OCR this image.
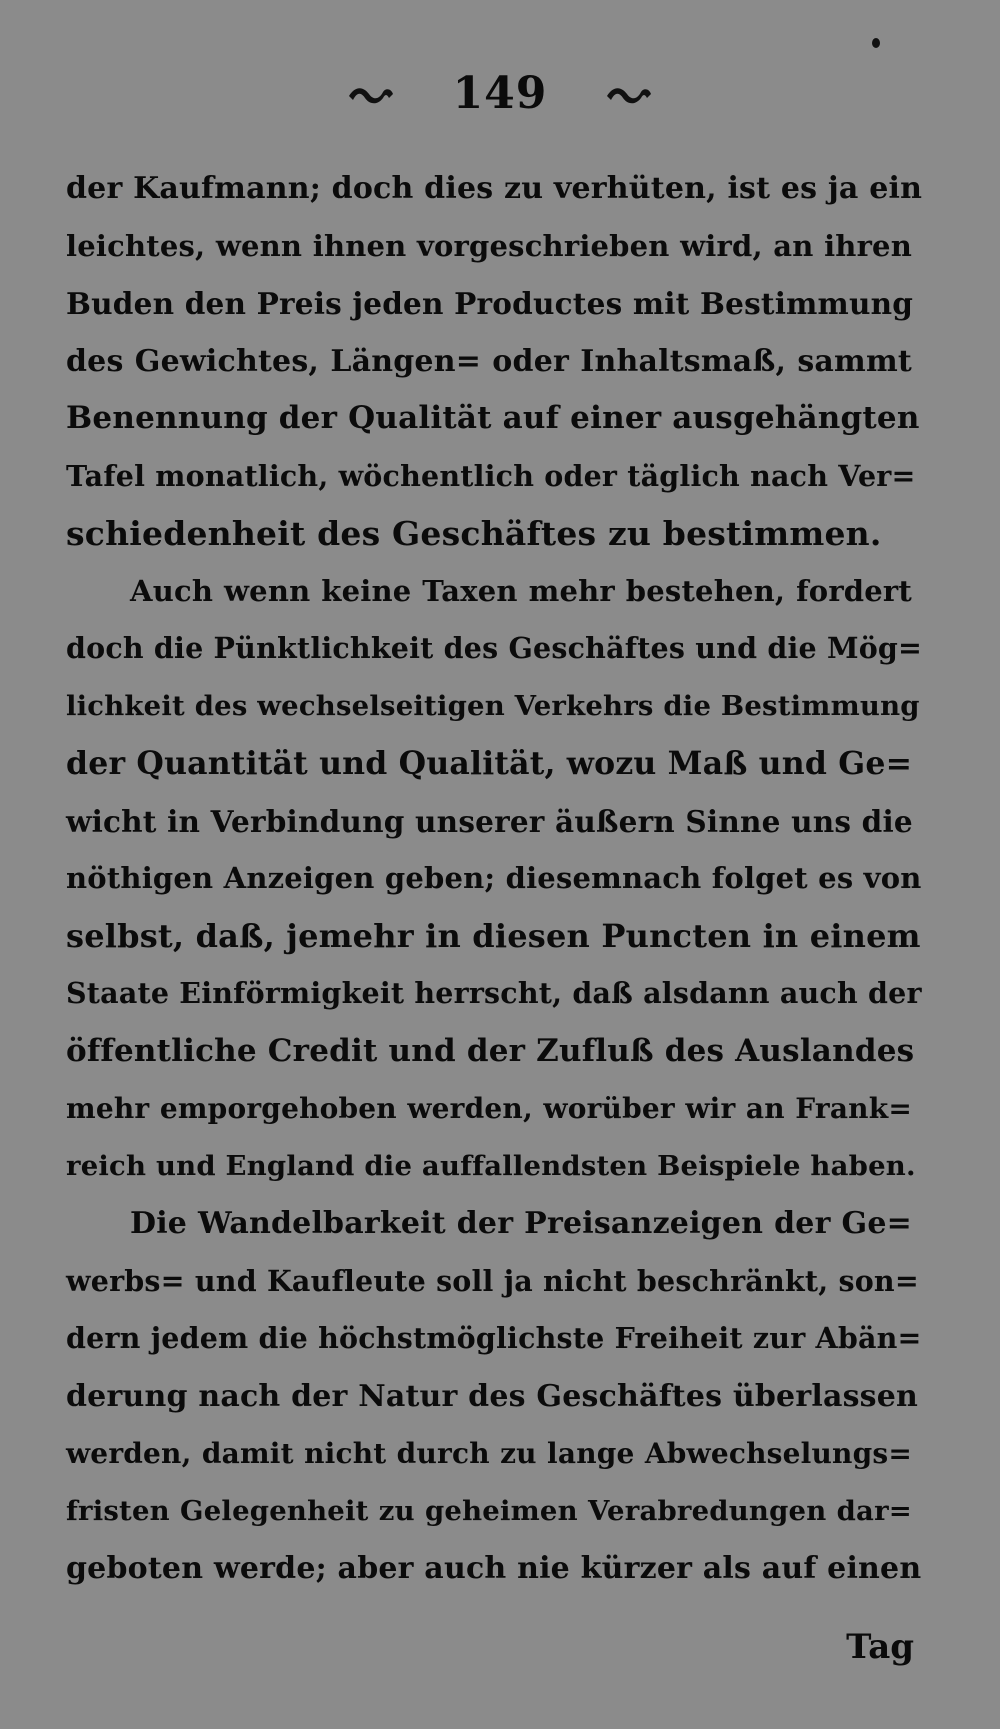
149
der Kaufmann; doch dies zu verhüten, ist es ja ein
leichtes, wenn ihnen vorgeschrieben wird, an ihren
Buden den Preis jeden Productes mit Bestimmung
des Gewichtes, Längen= oder Inhaltsmaß, sammt
Benennung der Qualität auf einer ausgehängten
Tafel monatlich, wöchentlich oder täglich nach Ver=
schiedenheit des Geschäftes zu bestimmen.
Auch wenn keine Taxen mehr bestehen, fordert
doch die Pünktlichkeit des Geschäftes und die Mög=
lichkeit des wechselseitigen Verkehrs die Bestimmung
der Quantität und Qualität, wozu Maß und Ge=
wicht in Verbindung unserer äußern Sinne uns die
nöthigen Anzeigen geben; diesemnach folget es von
selbst, daß, jemehr in diesen Puncten in einem
Staate Einförmigkeit herrscht, daß alsdann auch der
öffentliche Credit und der Zufluß des Auslandes
mehr emporgehoben werden, worüber wir an Frank=
reich und England die auffallendsten Beispiele haben.
Die Wandelbarkeit der Preisanzeigen der Ge=
werbs= und Kaufleute soll ja nicht beschränkt, son=
dern jedem die höchstmöglichste Freiheit zur Abän=
derung nach der Natur des Geschäftes überlassen
werden, damit nicht durch zu lange Abwechselungs=
fristen Gelegenheit zu geheimen Verabredungen dar=
geboten werde; aber auch nie kürzer als auf einen
Tag
